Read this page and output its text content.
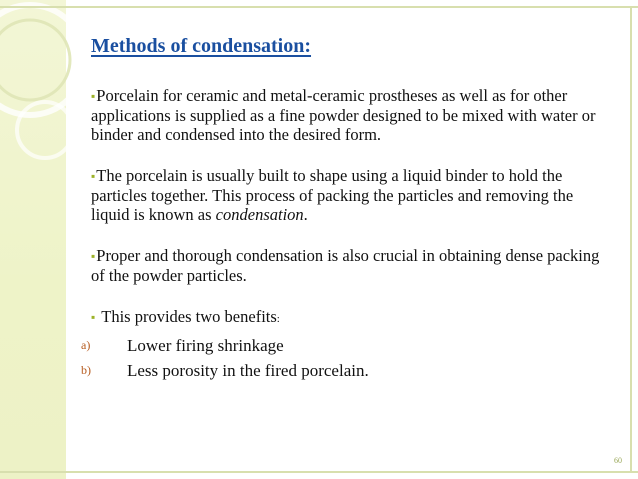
Methods of condensation:

▪Porcelain for ceramic and metal-ceramic prostheses as well as for other applications is supplied as a fine powder designed to be mixed with water or binder and condensed into the desired form.

▪The porcelain is usually built to shape using a liquid binder to hold the particles together. This process of packing the particles and removing the liquid is known as condensation.

▪Proper and thorough condensation is also crucial in obtaining dense packing of the powder particles.

▪ This provides two benefits:

a) Lower firing shrinkage
b) Less porosity in the fired porcelain.
60
